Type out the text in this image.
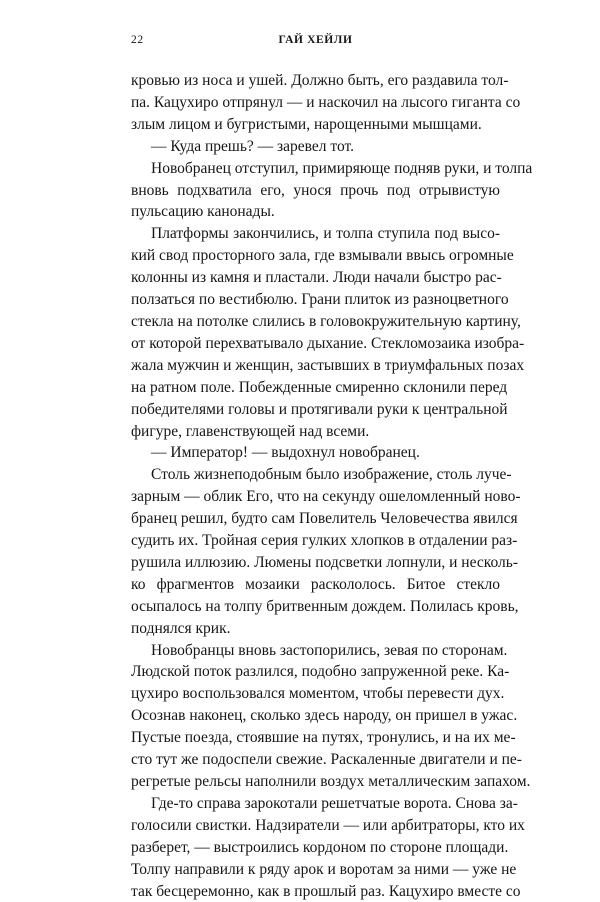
22	ГАЙ ХЕЙЛИ

кровью из носа и ушей. Должно быть, его раздавила тол-
па. Кацухиро отпрянул — и наскочил на лысого гиганта со
злым лицом и бугристыми, нарощенными мышцами.

— Куда прешь? — заревел тот.

Новобранец отступил, примиряюще подняв руки, и толпа
вновь подхватила его, унося прочь под отрывистую
пульсацию канонады.

Платформы закончились, и толпа ступила под высо-
кий свод просторного зала, где взмывали ввысь огромные
колонны из камня и пластали. Люди начали быстро рас-
ползаться по вестибюлю. Грани плиток из разноцветного
стекла на потолке слились в головокружительную картину,
от которой перехватывало дыхание. Стекломозаика изобра-
жала мужчин и женщин, застывших в триумфальных позах
на ратном поле. Побежденные смиренно склонили перед
победителями головы и протягивали руки к центральной
фигуре, главенствующей над всеми.

— Император! — выдохнул новобранец.

Столь жизнеподобным было изображение, столь луче-
зарным — облик Его, что на секунду ошеломленный ново-
бранец решил, будто сам Повелитель Человечества явился
судить их. Тройная серия гулких хлопков в отдалении раз-
рушила иллюзию. Люмены подсветки лопнули, и несколь-
ко фрагментов мозаики раскололось. Битое стекло
осыпалось на толпу бритвенным дождем. Полилась кровь,
поднялся крик.

Новобранцы вновь застопорились, зевая по сторонам.
Людской поток разлился, подобно запруженной реке. Ка-
цухиро воспользовался моментом, чтобы перевести дух.
Осознав наконец, сколько здесь народу, он пришел в ужас.
Пустые поезда, стоявшие на путях, тронулись, и на их ме-
сто тут же подоспели свежие. Раскаленные двигатели и пе-
регретые рельсы наполнили воздух металлическим запахом.

Где-то справа зарокотали решетчатые ворота. Снова за-
голосили свистки. Надзиратели — или арбитраторы, кто их
разберет, — выстроились кордоном по стороне площади.
Толпу направили к ряду арок и воротам за ними — уже не
так бесцеремонно, как в прошлый раз. Кацухиро вместе со
